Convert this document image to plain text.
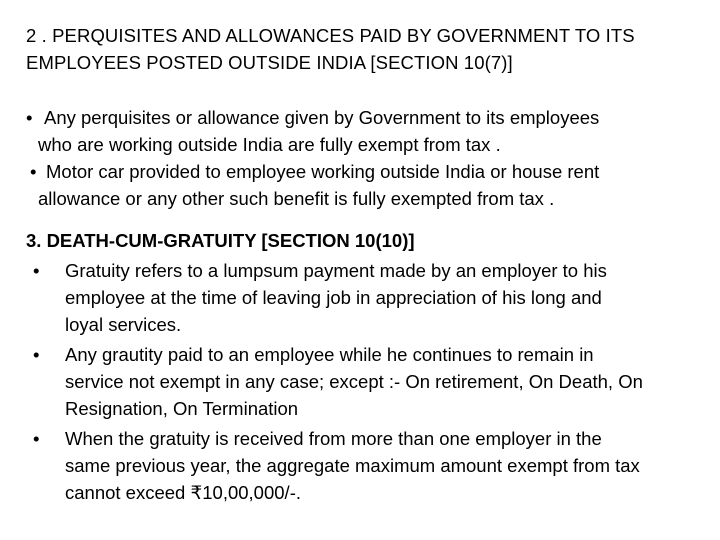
2 . PERQUISITES AND ALLOWANCES PAID BY GOVERNMENT TO ITS
EMPLOYEES POSTED OUTSIDE INDIA [SECTION 10(7)]
• Any perquisites or allowance given by Government to its employees
who are working outside India are fully exempt from tax .
• Motor car provided to employee working outside India or house rent
allowance or any other such benefit is fully exempted from tax .
3. DEATH-CUM-GRATUITY [SECTION 10(10)]
• Gratuity refers to a lumpsum payment made by an employer to his
employee at the time of leaving job in appreciation of his long and
loyal services.
• Any grautity paid to an employee while he continues to remain in
service not exempt in any case; except :- On retirement, On Death, On
Resignation, On Termination
• When the gratuity is received from more than one employer in the
same previous year, the aggregate maximum amount exempt from tax
cannot exceed ₹10,00,000/-.
